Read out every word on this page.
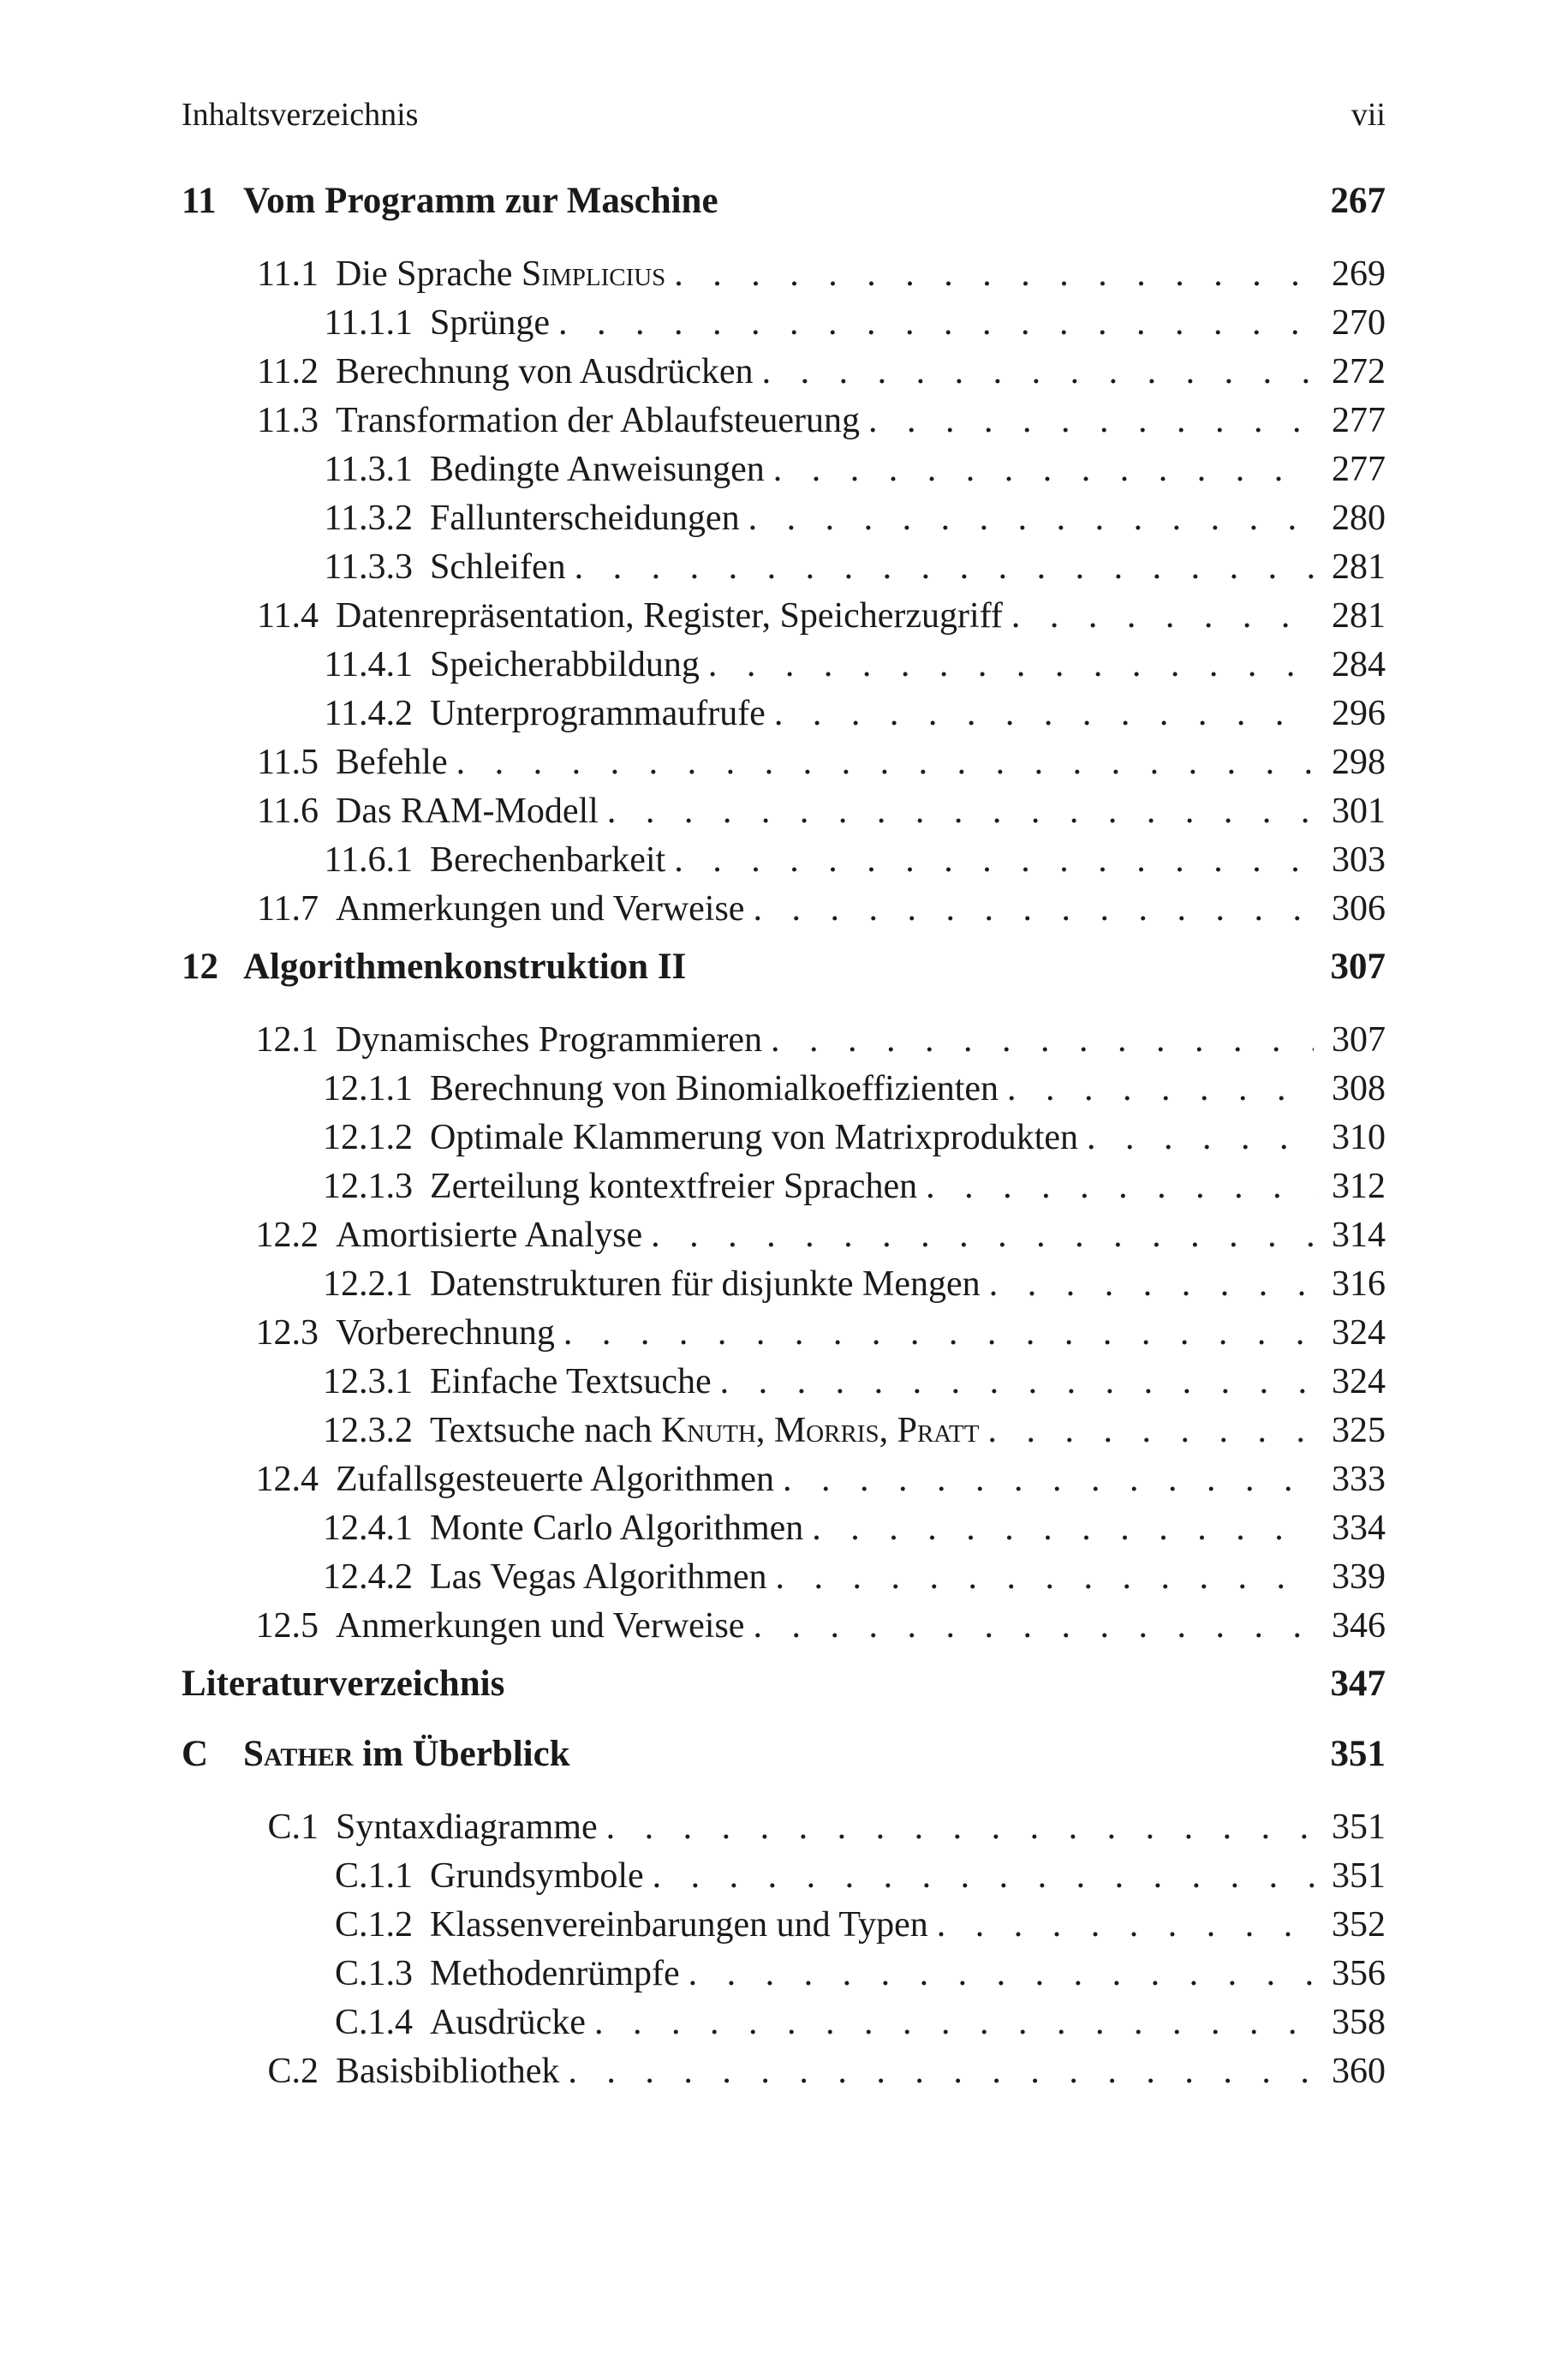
Inhaltsverzeichnis	vii
11 Vom Programm zur Maschine	267
11.1 Die Sprache Simplicius . . .	269
11.1.1 Sprünge . . .	270
11.2 Berechnung von Ausdrücken . . .	272
11.3 Transformation der Ablaufsteuerung . . .	277
11.3.1 Bedingte Anweisungen . . .	277
11.3.2 Fallunterscheidungen . . .	280
11.3.3 Schleifen . . .	281
11.4 Datenrepräsentation, Register, Speicherzugriff . . .	281
11.4.1 Speicherabbildung . . .	284
11.4.2 Unterprogrammaufrufe . . .	296
11.5 Befehle . . .	298
11.6 Das RAM-Modell . . .	301
11.6.1 Berechenbarkeit . . .	303
11.7 Anmerkungen und Verweise . . .	306
12 Algorithmenkonstruktion II	307
12.1 Dynamisches Programmieren . . .	307
12.1.1 Berechnung von Binomialkoeffizienten . . .	308
12.1.2 Optimale Klammerung von Matrixprodukten . . .	310
12.1.3 Zerteilung kontextfreier Sprachen . . .	312
12.2 Amortisierte Analyse . . .	314
12.2.1 Datenstrukturen für disjunkte Mengen . . .	316
12.3 Vorberechnung . . .	324
12.3.1 Einfache Textsuche . . .	324
12.3.2 Textsuche nach Knuth, Morris, Pratt . . .	325
12.4 Zufallsgesteuerte Algorithmen . . .	333
12.4.1 Monte Carlo Algorithmen . . .	334
12.4.2 Las Vegas Algorithmen . . .	339
12.5 Anmerkungen und Verweise . . .	346
Literaturverzeichnis	347
C Sather im Überblick	351
C.1 Syntaxdiagramme . . .	351
C.1.1 Grundsymbole . . .	351
C.1.2 Klassenvereinbarungen und Typen . . .	352
C.1.3 Methodenrümpfe . . .	356
C.1.4 Ausdrücke . . .	358
C.2 Basisbibliothek . . .	360
